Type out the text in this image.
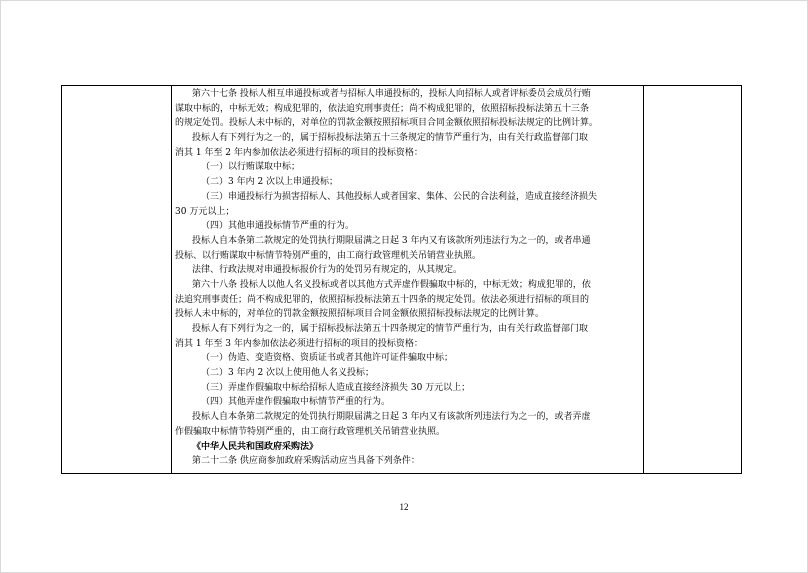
第六十七条 投标人相互串通投标或者与招标人串通投标的，投标人向招标人或者评标委员会成员行贿
谋取中标的，中标无效；构成犯罪的，依法追究刑事责任；尚不构成犯罪的，依照招标投标法第五十三条
的规定处罚。投标人未中标的，对单位的罚款金额按照招标项目合同金额依照招标投标法规定的比例计算。
投标人有下列行为之一的，属于招标投标法第五十三条规定的情节严重行为，由有关行政监督部门取
消其 1 年至 2 年内参加依法必须进行招标的项目的投标资格：
（一）以行贿谋取中标；
（二）3 年内 2 次以上串通投标；
（三）串通投标行为损害招标人、其他投标人或者国家、集体、公民的合法利益，造成直接经济损失
30 万元以上；
（四）其他串通投标情节严重的行为。
投标人自本条第二款规定的处罚执行期限届满之日起 3 年内又有该款所列违法行为之一的，或者串通
投标、以行贿谋取中标情节特别严重的，由工商行政管理机关吊销营业执照。
法律、行政法规对串通投标报价行为的处罚另有规定的，从其规定。
第六十八条 投标人以他人名义投标或者以其他方式弄虚作假骗取中标的，中标无效；构成犯罪的，依
法追究刑事责任；尚不构成犯罪的，依照招标投标法第五十四条的规定处罚。依法必须进行招标的项目的
投标人未中标的，对单位的罚款金额按照招标项目合同金额依照招标投标法规定的比例计算。
投标人有下列行为之一的，属于招标投标法第五十四条规定的情节严重行为，由有关行政监督部门取
消其 1 年至 3 年内参加依法必须进行招标的项目的投标资格：
（一）伪造、变造资格、资质证书或者其他许可证件骗取中标；
（二）3 年内 2 次以上使用他人名义投标；
（三）弄虚作假骗取中标给招标人造成直接经济损失 30 万元以上；
（四）其他弄虚作假骗取中标情节严重的行为。
投标人自本条第二款规定的处罚执行期限届满之日起 3 年内又有该款所列违法行为之一的，或者弄虚
作假骗取中标情节特别严重的，由工商行政管理机关吊销营业执照。
《中华人民共和国政府采购法》
第二十二条 供应商参加政府采购活动应当具备下列条件：

12
